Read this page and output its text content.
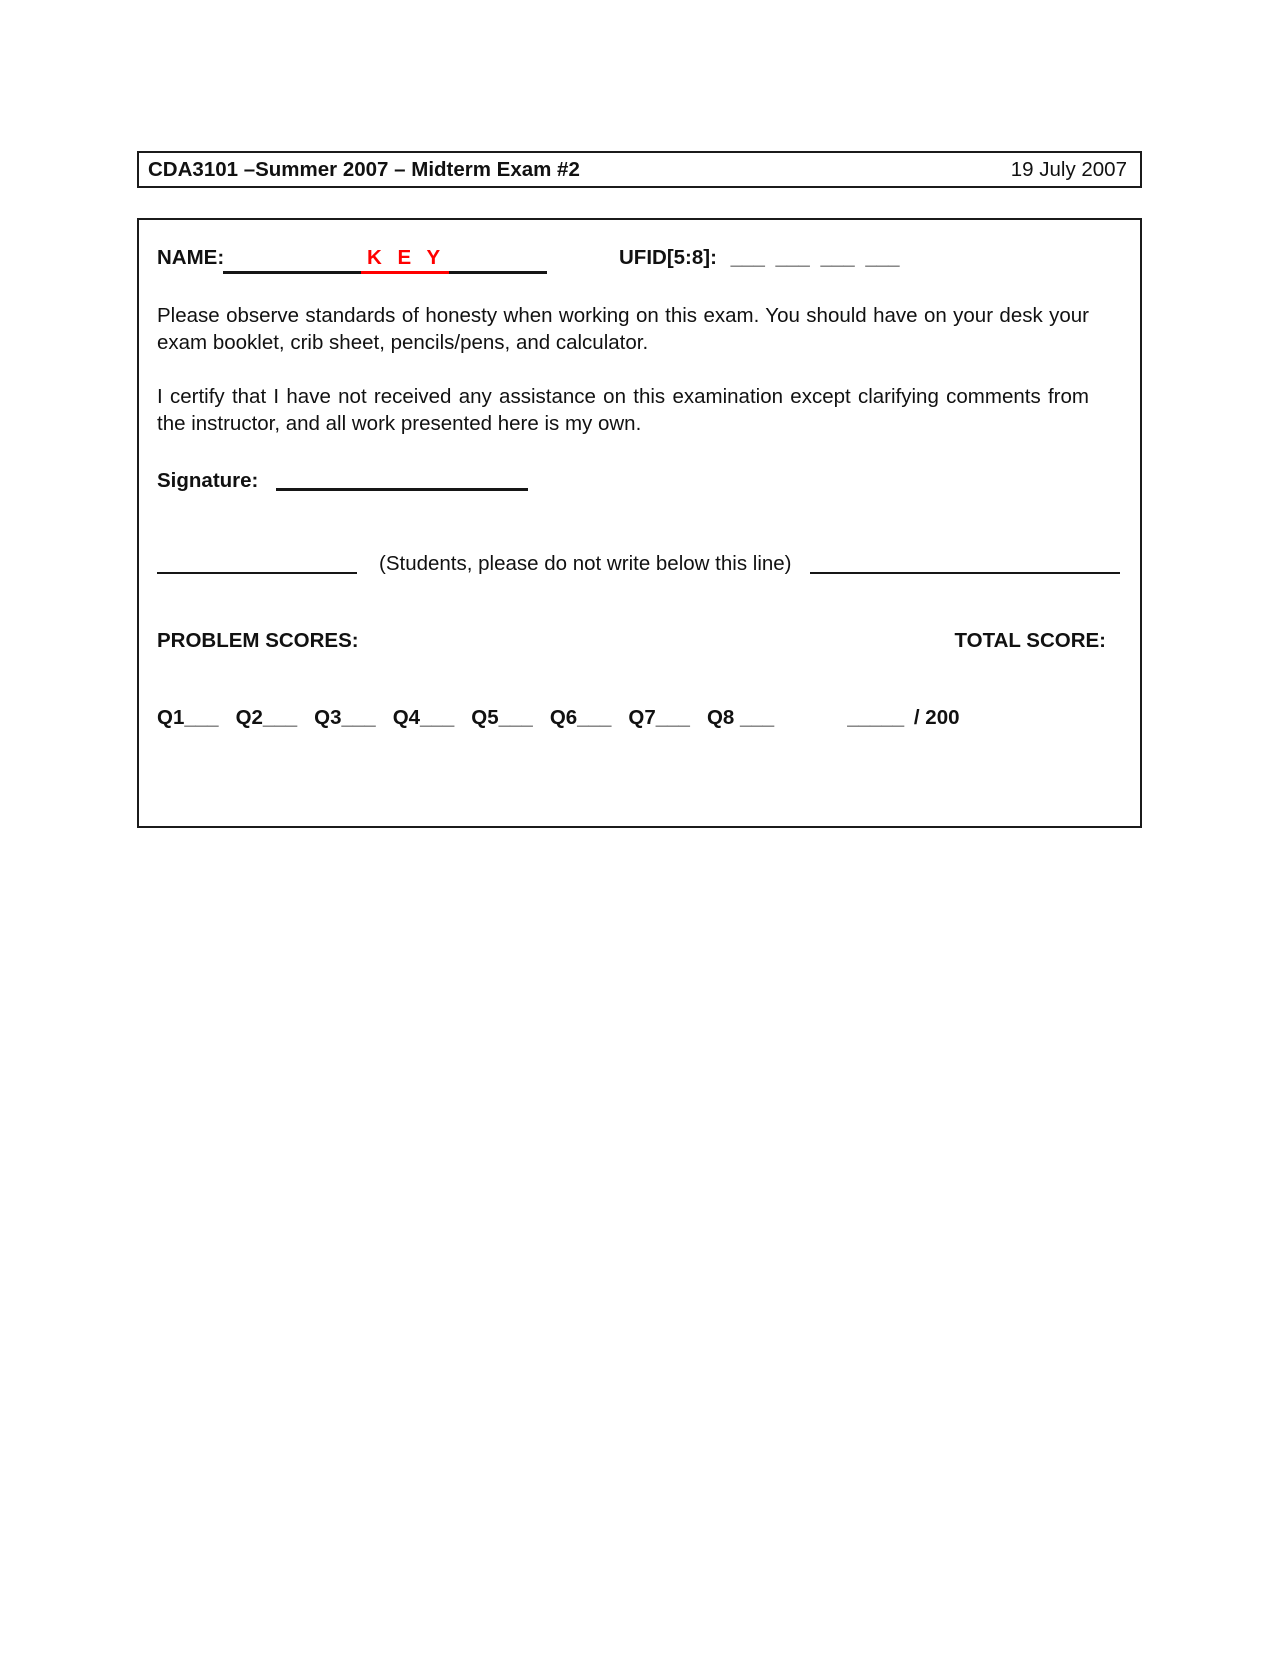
CDA3101 –Summer 2007 – Midterm Exam #2	19 July 2007
NAME:	K E Y	UFID[5:8]: ___ ___ ___ ___

Please observe standards of honesty when working on this exam. You should have on your desk your exam booklet, crib sheet, pencils/pens, and calculator.

I certify that I have not received any assistance on this examination except clarifying comments from the instructor, and all work presented here is my own.

Signature:
(Students, please do not write below this line)
PROBLEM SCORES:	TOTAL SCORE:
Q1___ Q2___ Q3___ Q4___ Q5___ Q6___ Q7___ Q8 ___	_____ / 200
